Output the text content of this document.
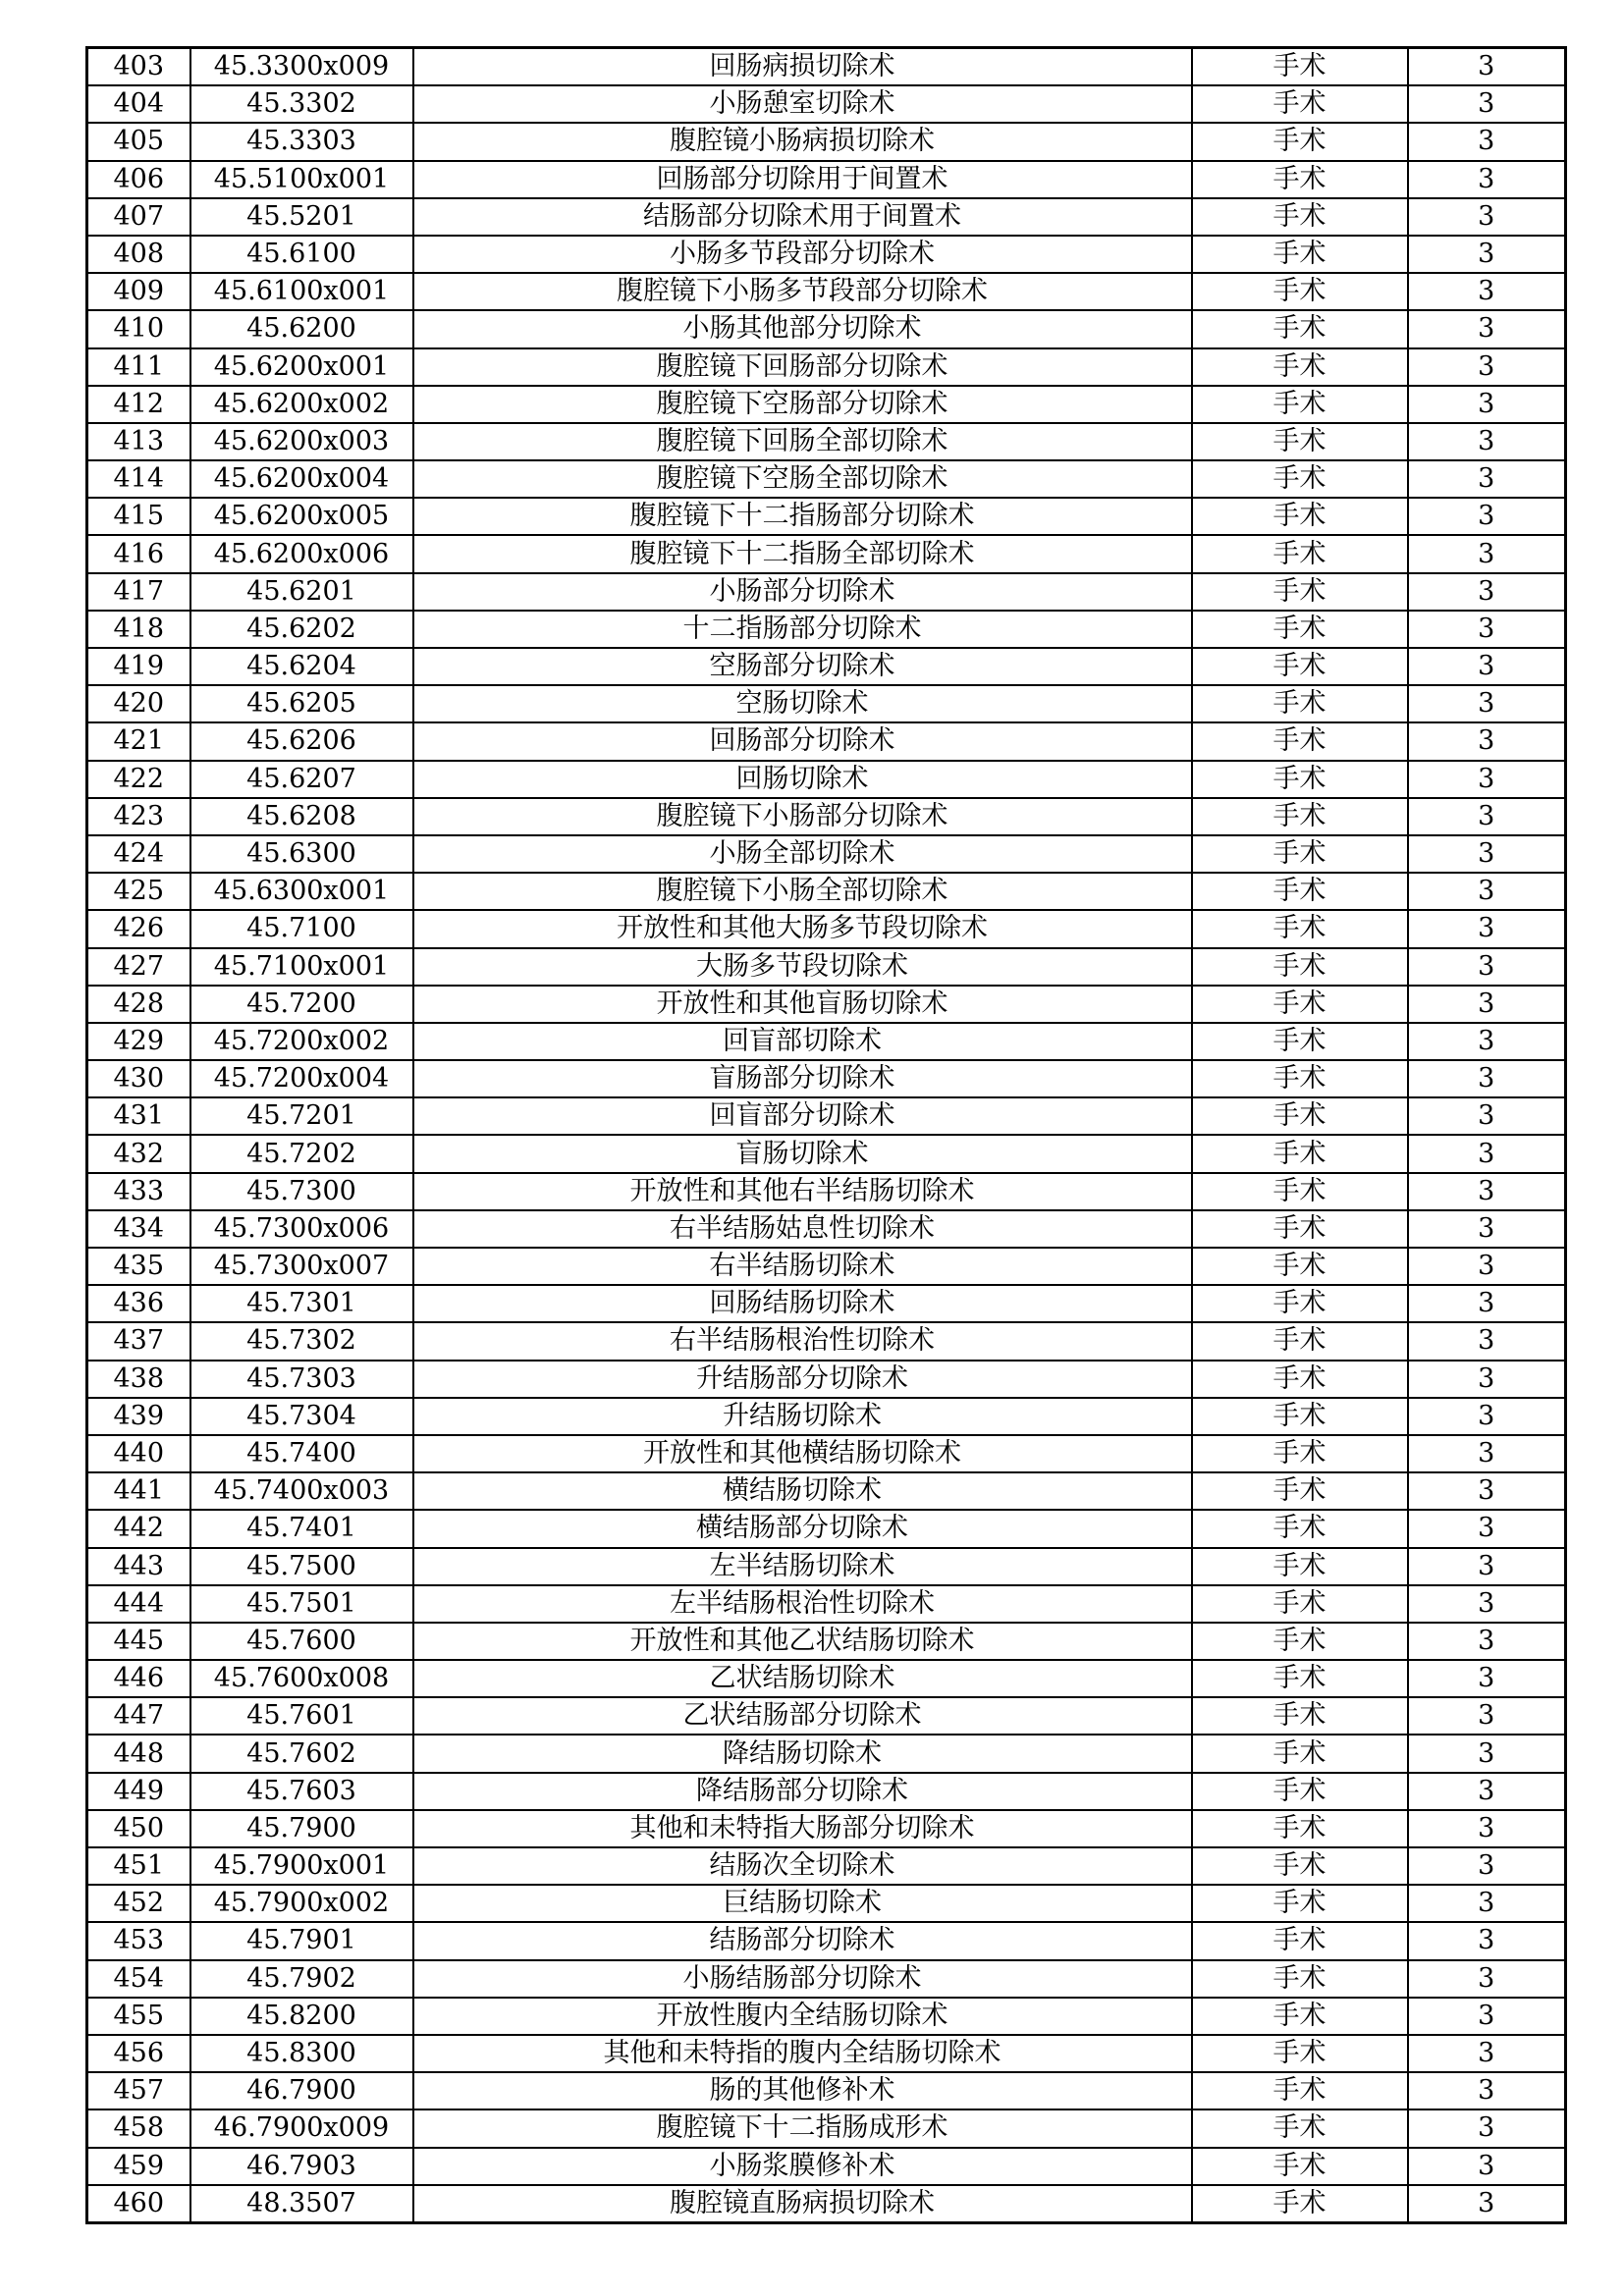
403	45.3300x009	回肠病损切除术	手术	3
404	45.3302	小肠憩室切除术	手术	3
405	45.3303	腹腔镜小肠病损切除术	手术	3
406	45.5100x001	回肠部分切除用于间置术	手术	3
407	45.5201	结肠部分切除术用于间置术	手术	3
408	45.6100	小肠多节段部分切除术	手术	3
409	45.6100x001	腹腔镜下小肠多节段部分切除术	手术	3
410	45.6200	小肠其他部分切除术	手术	3
411	45.6200x001	腹腔镜下回肠部分切除术	手术	3
412	45.6200x002	腹腔镜下空肠部分切除术	手术	3
413	45.6200x003	腹腔镜下回肠全部切除术	手术	3
414	45.6200x004	腹腔镜下空肠全部切除术	手术	3
415	45.6200x005	腹腔镜下十二指肠部分切除术	手术	3
416	45.6200x006	腹腔镜下十二指肠全部切除术	手术	3
417	45.6201	小肠部分切除术	手术	3
418	45.6202	十二指肠部分切除术	手术	3
419	45.6204	空肠部分切除术	手术	3
420	45.6205	空肠切除术	手术	3
421	45.6206	回肠部分切除术	手术	3
422	45.6207	回肠切除术	手术	3
423	45.6208	腹腔镜下小肠部分切除术	手术	3
424	45.6300	小肠全部切除术	手术	3
425	45.6300x001	腹腔镜下小肠全部切除术	手术	3
426	45.7100	开放性和其他大肠多节段切除术	手术	3
427	45.7100x001	大肠多节段切除术	手术	3
428	45.7200	开放性和其他盲肠切除术	手术	3
429	45.7200x002	回盲部切除术	手术	3
430	45.7200x004	盲肠部分切除术	手术	3
431	45.7201	回盲部分切除术	手术	3
432	45.7202	盲肠切除术	手术	3
433	45.7300	开放性和其他右半结肠切除术	手术	3
434	45.7300x006	右半结肠姑息性切除术	手术	3
435	45.7300x007	右半结肠切除术	手术	3
436	45.7301	回肠结肠切除术	手术	3
437	45.7302	右半结肠根治性切除术	手术	3
438	45.7303	升结肠部分切除术	手术	3
439	45.7304	升结肠切除术	手术	3
440	45.7400	开放性和其他横结肠切除术	手术	3
441	45.7400x003	横结肠切除术	手术	3
442	45.7401	横结肠部分切除术	手术	3
443	45.7500	左半结肠切除术	手术	3
444	45.7501	左半结肠根治性切除术	手术	3
445	45.7600	开放性和其他乙状结肠切除术	手术	3
446	45.7600x008	乙状结肠切除术	手术	3
447	45.7601	乙状结肠部分切除术	手术	3
448	45.7602	降结肠切除术	手术	3
449	45.7603	降结肠部分切除术	手术	3
450	45.7900	其他和未特指大肠部分切除术	手术	3
451	45.7900x001	结肠次全切除术	手术	3
452	45.7900x002	巨结肠切除术	手术	3
453	45.7901	结肠部分切除术	手术	3
454	45.7902	小肠结肠部分切除术	手术	3
455	45.8200	开放性腹内全结肠切除术	手术	3
456	45.8300	其他和未特指的腹内全结肠切除术	手术	3
457	46.7900	肠的其他修补术	手术	3
458	46.7900x009	腹腔镜下十二指肠成形术	手术	3
459	46.7903	小肠浆膜修补术	手术	3
460	48.3507	腹腔镜直肠病损切除术	手术	3
